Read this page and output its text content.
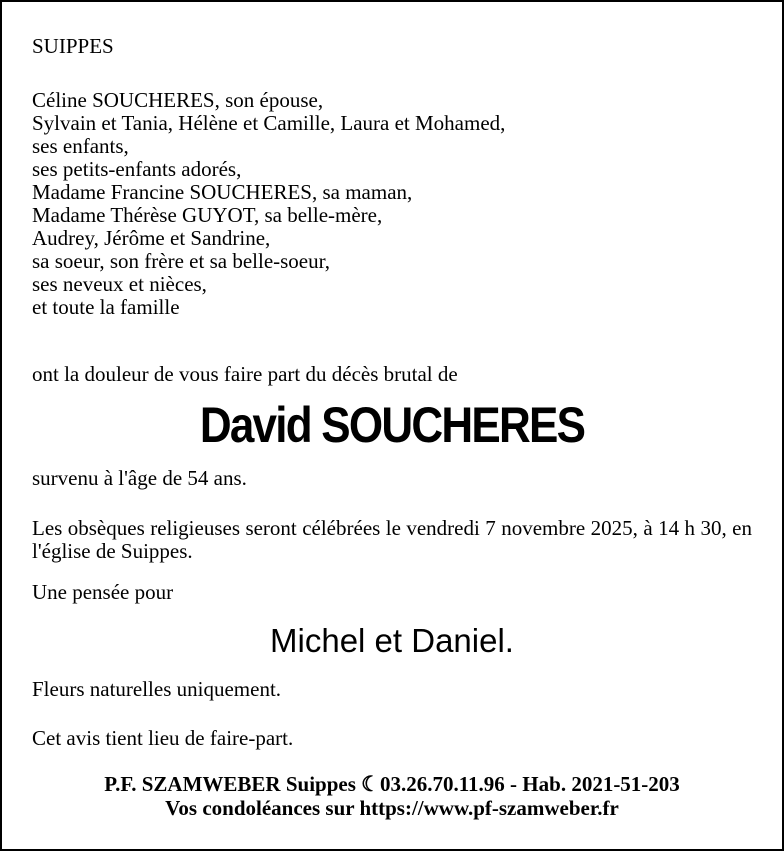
SUIPPES
Céline SOUCHERES, son épouse,
Sylvain et Tania, Hélène et Camille, Laura et Mohamed,
ses enfants,
ses petits-enfants adorés,
Madame Francine SOUCHERES, sa maman,
Madame Thérèse GUYOT, sa belle-mère,
Audrey, Jérôme et Sandrine,
sa soeur, son frère et sa belle-soeur,
ses neveux et nièces,
et toute la famille
ont la douleur de vous faire part du décès brutal de
David SOUCHERES
survenu à l'âge de 54 ans.
Les obsèques religieuses seront célébrées le vendredi 7 novembre 2025, à 14 h 30, en l'église de Suippes.
Une pensée pour
Michel et Daniel.
Fleurs naturelles uniquement.
Cet avis tient lieu de faire-part.
P.F. SZAMWEBER Suippes ☾03.26.70.11.96 - Hab. 2021-51-203
Vos condoléances sur https://www.pf-szamweber.fr
